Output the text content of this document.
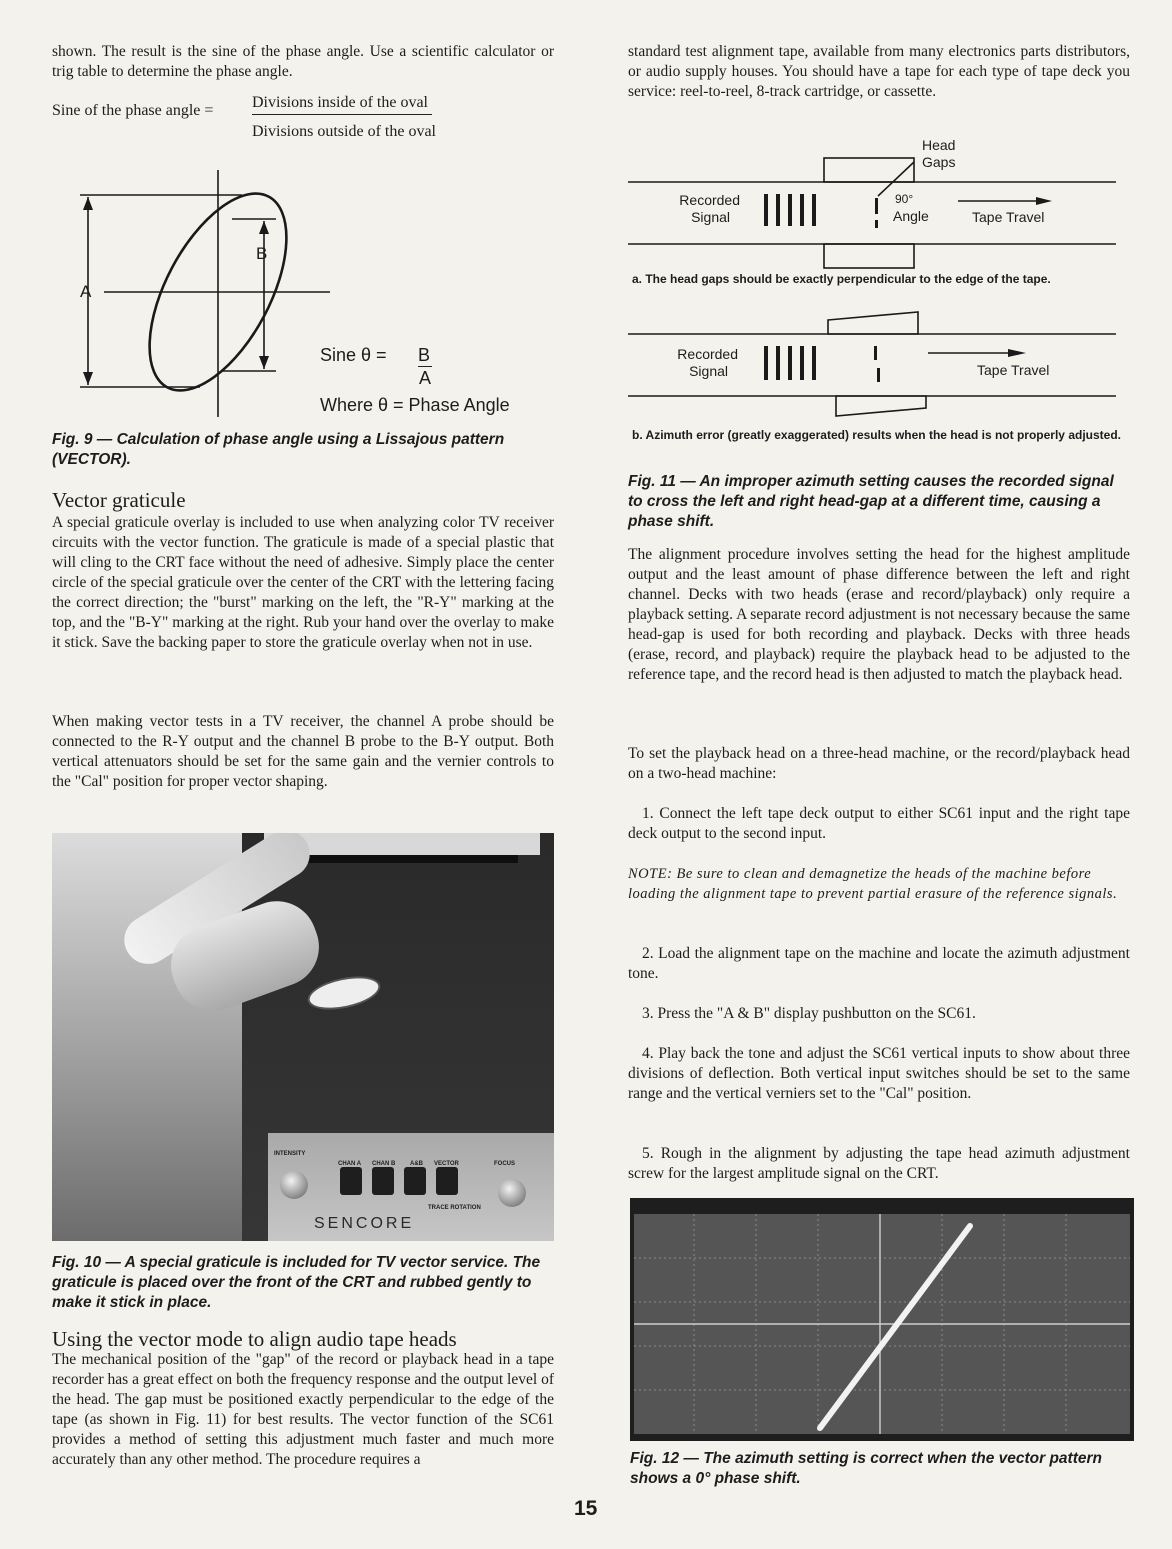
shown. The result is the sine of the phase angle. Use a scientific calculator or trig table to determine the phase angle.
Sine of the phase angle = Divisions inside of the oval
Divisions outside of the oval
A
B
Sine θ = B
A
Where θ = Phase Angle
Fig. 9 — Calculation of phase angle using a Lissajous pattern (VECTOR).
Vector graticule
A special graticule overlay is included to use when analyzing color TV receiver circuits with the vector function. The graticule is made of a special plastic that will cling to the CRT face without the need of adhesive. Simply place the center circle of the special graticule over the center of the CRT with the lettering facing the correct direction; the "burst" marking on the left, the "R-Y" marking at the top, and the "B-Y" marking at the right. Rub your hand over the overlay to make it stick. Save the backing paper to store the graticule overlay when not in use.
When making vector tests in a TV receiver, the channel A probe should be connected to the R-Y output and the channel B probe to the B-Y output. Both vertical attenuators should be set for the same gain and the vernier controls to the "Cal" position for proper vector shaping.
INTENSITY
CHAN A CHAN B A&B VECTOR	FOCUS
TRACE ROTATION
SENCORE
Fig. 10 — A special graticule is included for TV vector service. The graticule is placed over the front of the CRT and rubbed gently to make it stick in place.
Using the vector mode to align audio tape heads
The mechanical position of the "gap" of the record or playback head in a tape recorder has a great effect on both the frequency response and the output level of the head. The gap must be positioned exactly perpendicular to the edge of the tape (as shown in Fig. 11) for best results. The vector function of the SC61 provides a method of setting this adjustment much faster and much more accurately than any other method. The procedure requires a
standard test alignment tape, available from many electronics parts distributors, or audio supply houses. You should have a tape for each type of tape deck you service: reel-to-reel, 8-track cartridge, or cassette.
Head Gaps
Recorded
Signal
90°
Angle	Tape Travel
a. The head gaps should be exactly perpendicular to the edge of the tape.
Recorded
Signal	Tape Travel
b. Azimuth error (greatly exaggerated) results when the head is not properly adjusted.
Fig. 11 — An improper azimuth setting causes the recorded signal to cross the left and right head-gap at a different time, causing a phase shift.
The alignment procedure involves setting the head for the highest amplitude output and the least amount of phase difference between the left and right channel. Decks with two heads (erase and record/playback) only require a playback setting. A separate record adjustment is not necessary because the same head-gap is used for both recording and playback. Decks with three heads (erase, record, and playback) require the playback head to be adjusted to the reference tape, and the record head is then adjusted to match the playback head.
To set the playback head on a three-head machine, or the record/playback head on a two-head machine:
1. Connect the left tape deck output to either SC61 input and the right tape deck output to the second input.
NOTE: Be sure to clean and demagnetize the heads of the machine before loading the alignment tape to prevent partial erasure of the reference signals.
2. Load the alignment tape on the machine and locate the azimuth adjustment tone.
3. Press the "A & B" display pushbutton on the SC61.
4. Play back the tone and adjust the SC61 vertical inputs to show about three divisions of deflection. Both vertical input switches should be set to the same range and the vertical verniers set to the "Cal" position.
5. Rough in the alignment by adjusting the tape head azimuth adjustment screw for the largest amplitude signal on the CRT.
Fig. 12 — The azimuth setting is correct when the vector pattern shows a 0° phase shift.
15
